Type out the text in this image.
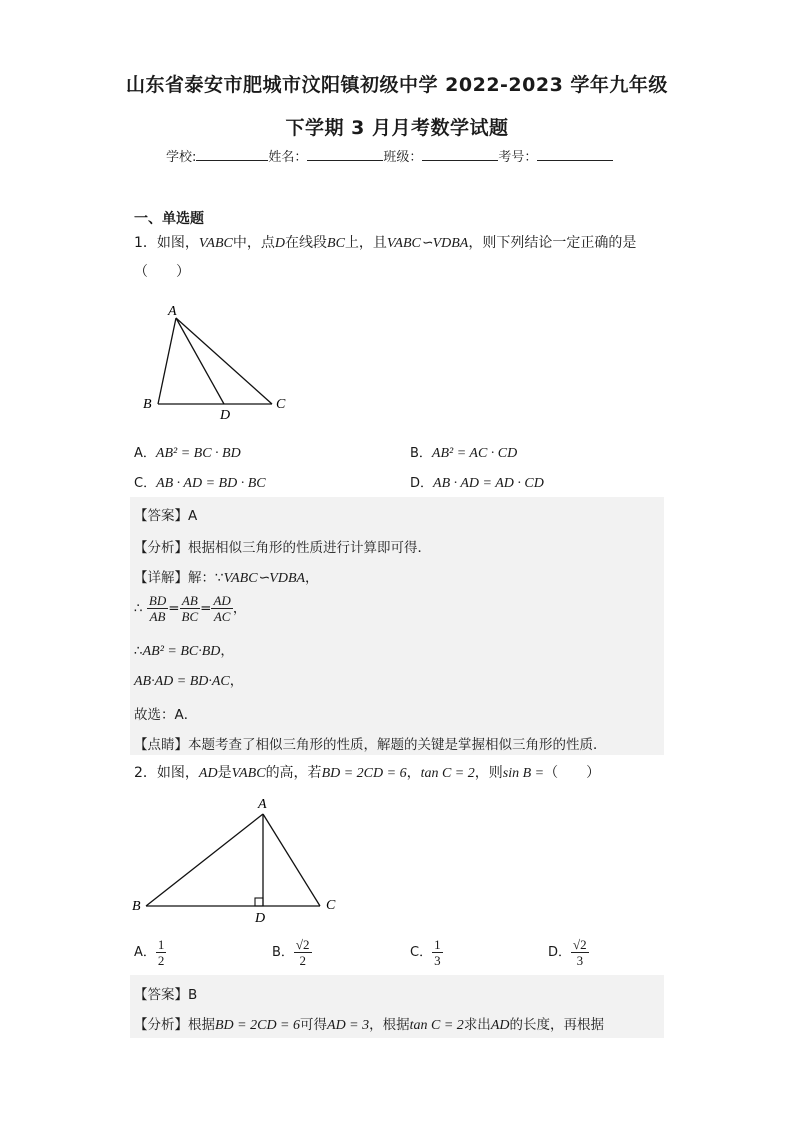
山东省泰安市肥城市汶阳镇初级中学 2022-2023 学年九年级
下学期 3 月月考数学试题
学校:	姓名：	班级：	考号：
一、单选题
1．如图，VABC中，点D在线段BC上，且VABC∽VDBA，则下列结论一定正确的是
（　　）
A
B	C
D
A．AB² = BC · BD	B．AB² = AC · CD
C．AB · AD = BD · BC	D．AB · AD = AD · CD
【答案】A
【分析】根据相似三角形的性质进行计算即可得．
【详解】解：∵VABC∽VDBA，
∴ $\frac{BD}{AB} = \frac{AB}{BC} = \frac{AD}{AC}$ ，
∴AB² = BC·BD，
AB·AD = BD·AC，
故选：A．
【点睛】本题考查了相似三角形的性质，解题的关键是掌握相似三角形的性质．
2．如图，AD是VABC的高，若BD = 2CD = 6，tan C = 2，则sin B =（　　）
A
B	C
D
A． $\frac{1}{2}$	B． $\frac{√2}{2}$	C． $\frac{1}{3}$	D． $\frac{√2}{3}$
【答案】B
【分析】根据BD = 2CD = 6可得AD = 3，根据tan C = 2求出AD的长度，再根据
